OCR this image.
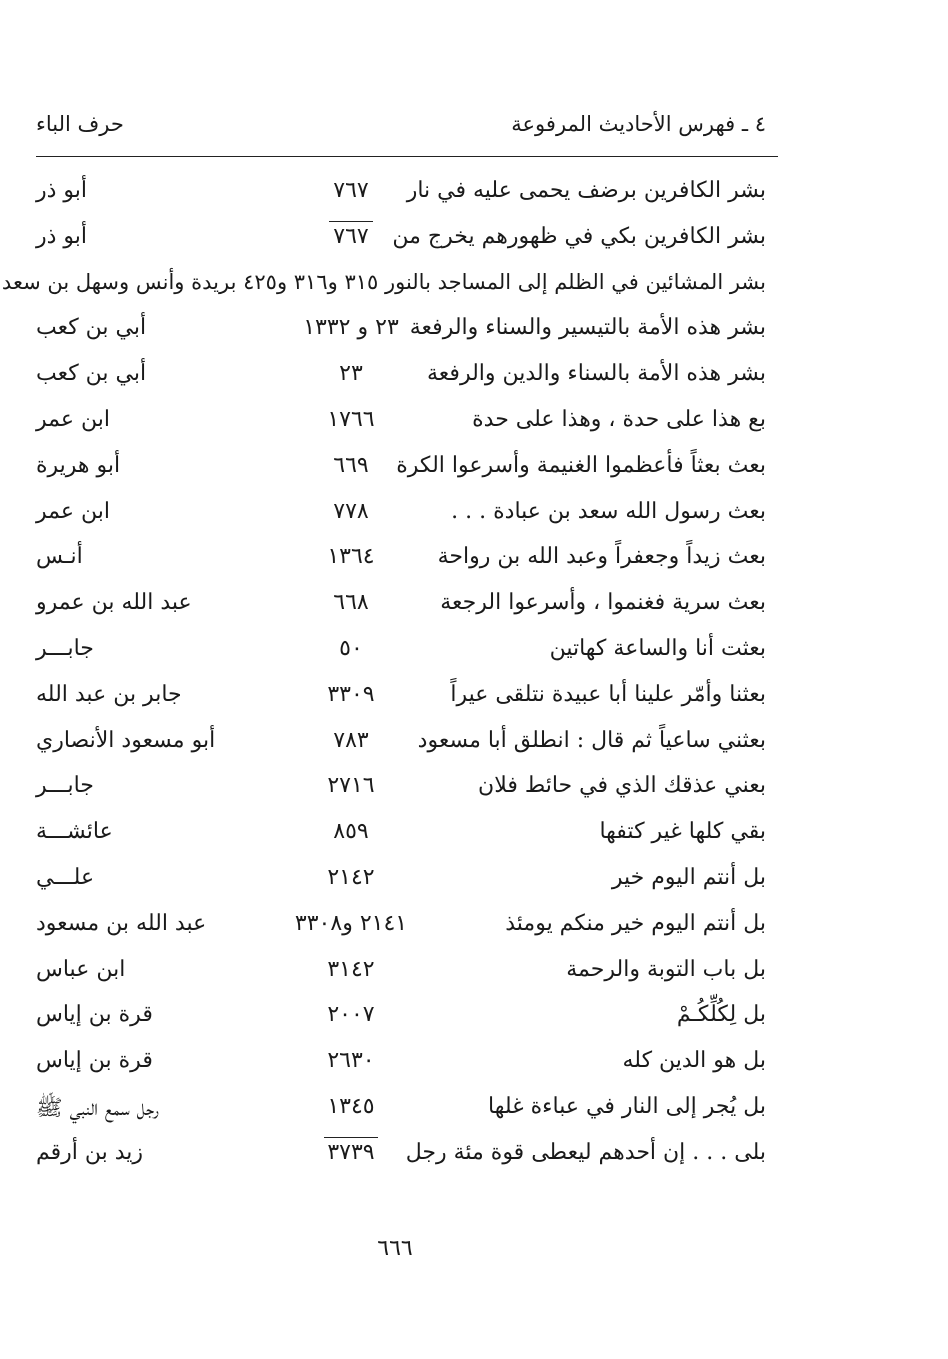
٤ ـ فهرس الأحاديث المرفوعة
حرف الباء
بشر الكافرين برضف يحمى عليه في نار
٧٦٧
أبو ذر
بشر الكافرين بكي في ظهورهم يخرج من
٧٦٧
أبو ذر
بشر المشائين في الظلم إلى المساجد بالنور ٣١٥ و٣١٦ و٤٢٥ بريدة وأنس وسهل بن سعد
بشر هذه الأمة بالتيسير والسناء والرفعة
٢٣ و ١٣٣٢
أبي بن كعب
بشر هذه الأمة بالسناء والدين والرفعة
٢٣
أبي بن كعب
بع هذا على حدة ، وهذا على حدة
١٧٦٦
ابن عمر
بعث بعثاً فأعظموا الغنيمة وأسرعوا الكرة
٦٦٩
أبو هريرة
بعث رسول الله سعد بن عبادة . . .
٧٧٨
ابن عمر
بعث زيداً وجعفراً وعبد الله بن رواحة
١٣٦٤
أنـس
بعث سرية فغنموا ، وأسرعوا الرجعة
٦٦٨
عبد الله بن عمرو
بعثت أنا والساعة كهاتين
٥٠
جابـــر
بعثنا وأمّر علينا أبا عبيدة نتلقى عيراً
٣٣٠٩
جابر بن عبد الله
بعثني ساعياً ثم قال : انطلق أبا مسعود
٧٨٣
أبو مسعود الأنصاري
بعني عذقك الذي في حائط فلان
٢٧١٦
جابـــر
بقي كلها غير كتفها
٨٥٩
عائشـــة
بل أنتم اليوم خير
٢١٤٢
علـــي
بل أنتم اليوم خير منكم يومئذ
٢١٤١ و٣٣٠٨
عبد الله بن مسعود
بل باب التوبة والرحمة
٣١٤٢
ابن عباس
بل لِكُلِّكُـمْ
٢٠٠٧
قرة بن إياس
بل هو الدين كله
٢٦٣٠
قرة بن إياس
بل يُجر إلى النار في عباءة غلها
١٣٤٥
رجل سمع النبي ﷺ
بلى . . . إن أحدهم ليعطى قوة مئة رجل
٣٧٣٩
زيد بن أرقم
٦٦٦
